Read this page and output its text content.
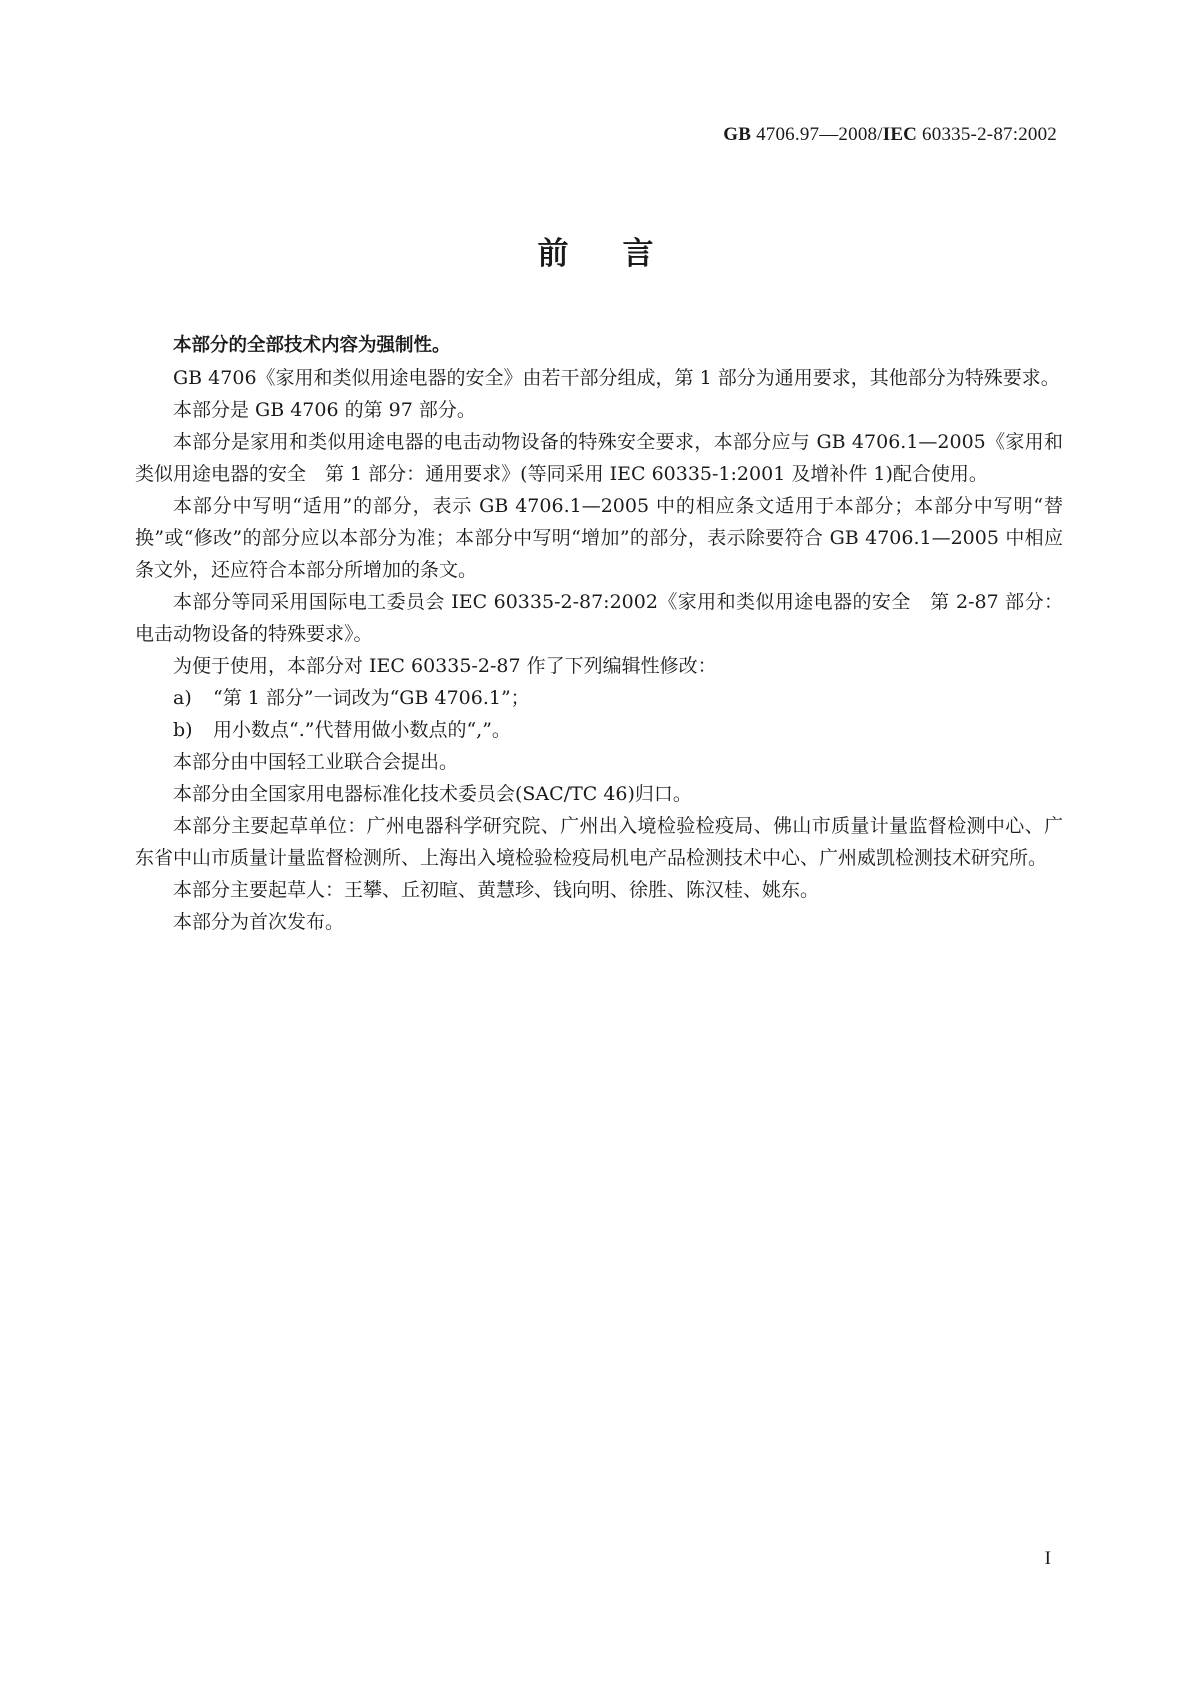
GB 4706.97—2008/IEC 60335-2-87:2002
前言

本部分的全部技术内容为强制性。

GB 4706《家用和类似用途电器的安全》由若干部分组成，第 1 部分为通用要求，其他部分为特殊要求。

本部分是 GB 4706 的第 97 部分。

本部分是家用和类似用途电器的电击动物设备的特殊安全要求，本部分应与 GB 4706.1—2005《家用和类似用途电器的安全　第 1 部分：通用要求》(等同采用 IEC 60335-1:2001 及增补件 1)配合使用。

本部分中写明“适用”的部分，表示 GB 4706.1—2005 中的相应条文适用于本部分；本部分中写明“替换”或“修改”的部分应以本部分为准；本部分中写明“增加”的部分，表示除要符合 GB 4706.1—2005 中相应条文外，还应符合本部分所增加的条文。

本部分等同采用国际电工委员会 IEC 60335-2-87:2002《家用和类似用途电器的安全　第 2-87 部分：电击动物设备的特殊要求》。

为便于使用，本部分对 IEC 60335-2-87 作了下列编辑性修改：

a) “第 1 部分”一词改为“GB 4706.1”；

b) 用小数点“.”代替用做小数点的“,”。

本部分由中国轻工业联合会提出。

本部分由全国家用电器标准化技术委员会(SAC/TC 46)归口。

本部分主要起草单位：广州电器科学研究院、广州出入境检验检疫局、佛山市质量计量监督检测中心、广东省中山市质量计量监督检测所、上海出入境检验检疫局机电产品检测技术中心、广州威凯检测技术研究所。

本部分主要起草人：王攀、丘初暄、黄慧珍、钱向明、徐胜、陈汉桂、姚东。

本部分为首次发布。

I
